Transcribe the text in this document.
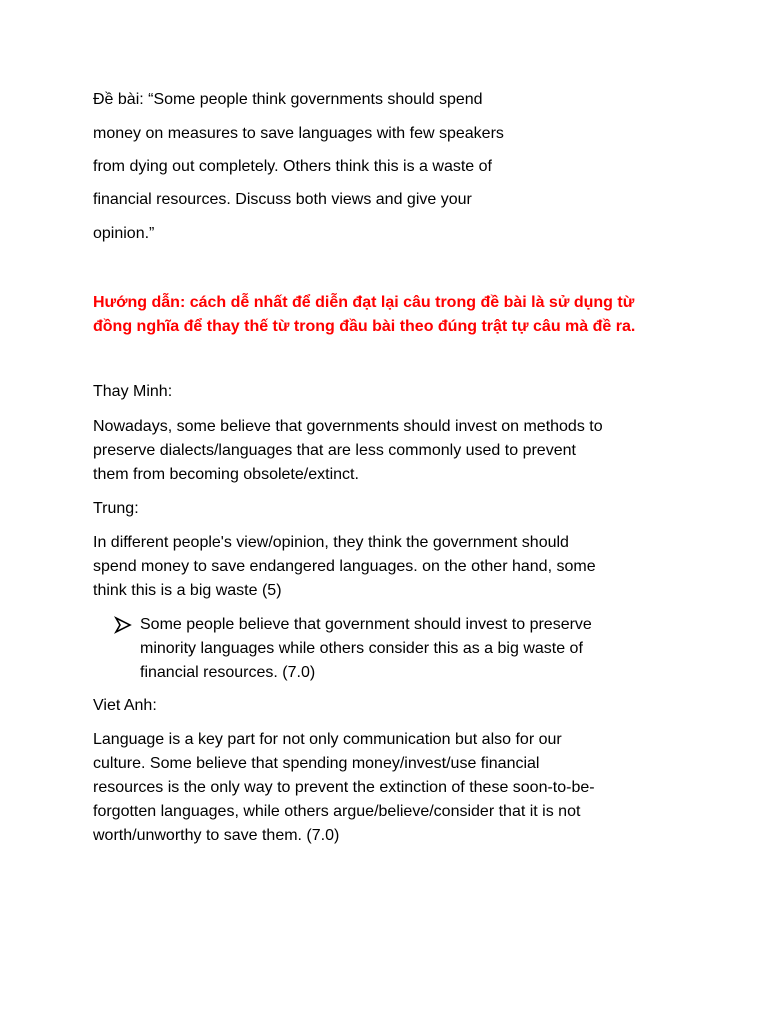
Đề bài: “Some people think governments should spend
money on measures to save languages with few speakers
from dying out completely. Others think this is a waste of
financial resources. Discuss both views and give your
opinion.”

Hướng dẫn: cách dễ nhất để diễn đạt lại câu trong đề bài là sử dụng từ

đồng nghĩa để thay thế từ trong đầu bài theo đúng trật tự câu mà đề ra.

Thay Minh:

Nowadays, some believe that governments should invest on methods to

preserve dialects/languages that are less commonly used to prevent

them from becoming obsolete/extinct.

Trung:

In different people's view/opinion, they think the government should

spend money to save endangered languages. on the other hand, some

think this is a big waste (5)

Some people believe that government should invest to preserve

minority languages while others consider this as a big waste of

financial resources. (7.0)

Viet Anh:

Language is a key part for not only communication but also for our

culture. Some believe that spending money/invest/use financial

resources is the only way to prevent the extinction of these soon-to-be-

forgotten languages, while others argue/believe/consider that it is not

worth/unworthy to save them. (7.0)
